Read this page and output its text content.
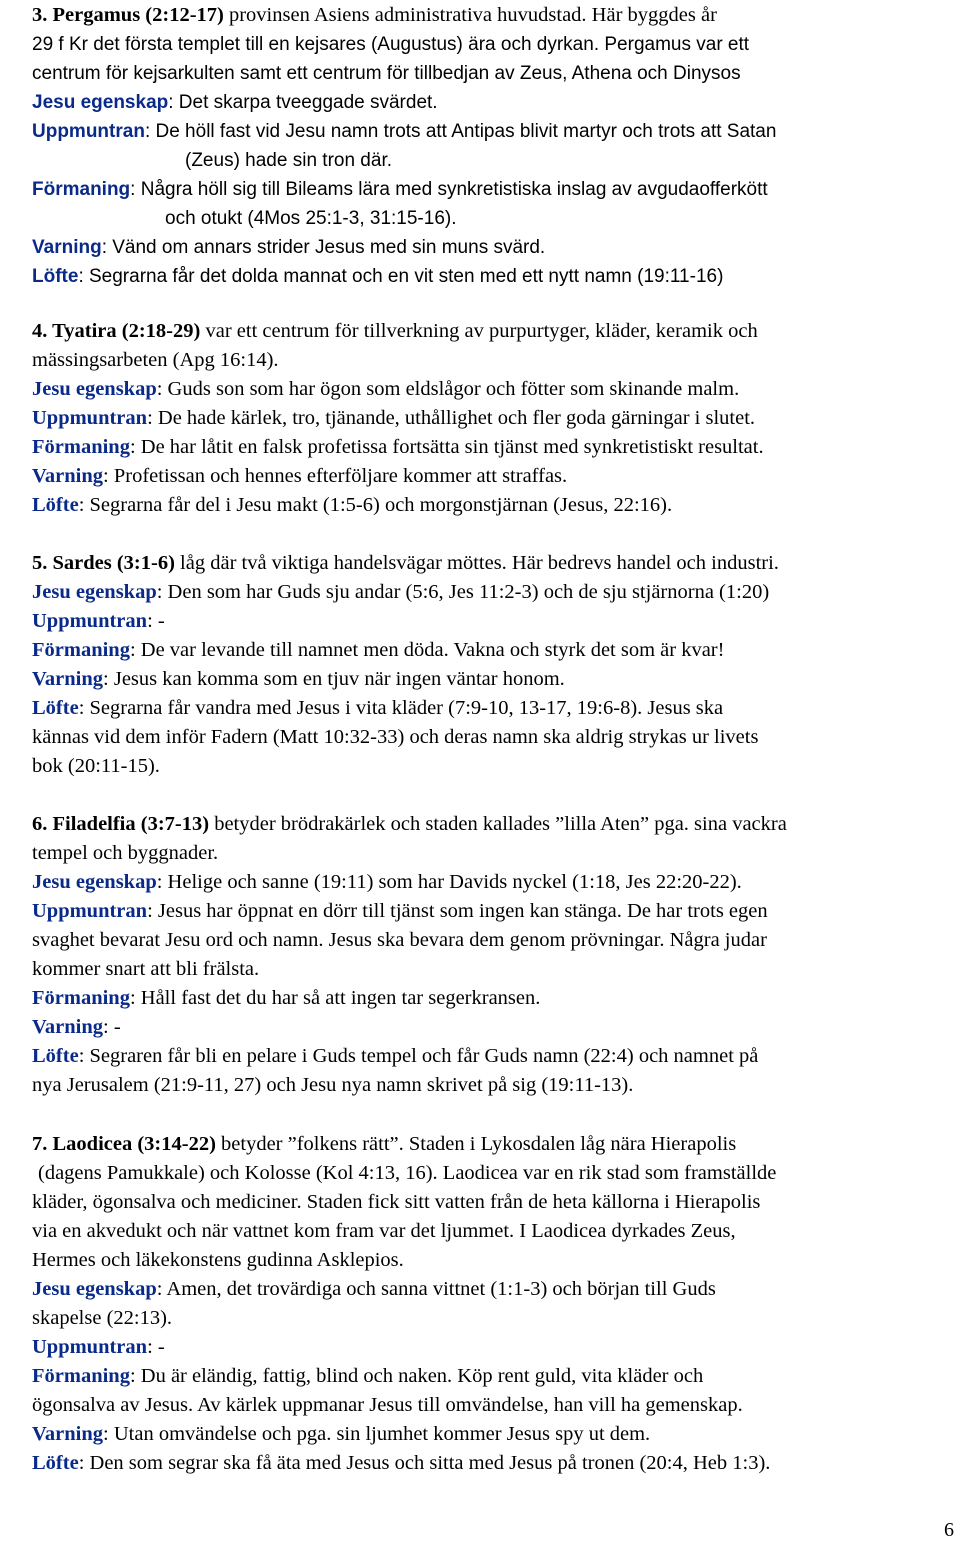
3. Pergamus (2:12-17) provinsen Asiens administrativa huvudstad. Här byggdes år
29 f Kr det första templet till en kejsares (Augustus) ära och dyrkan. Pergamus var ett
centrum för kejsarkulten samt ett centrum för tillbedjan av Zeus, Athena och Dinysos
Jesu egenskap: Det skarpa tveeggade svärdet.
Uppmuntran: De höll fast vid Jesu namn trots att Antipas blivit martyr och trots att Satan
(Zeus) hade sin tron där.
Förmaning: Några höll sig till Bileams lära med synkretistiska inslag av avgudaofferkött
och otukt (4Mos 25:1-3, 31:15-16).
Varning: Vänd om annars strider Jesus med sin muns svärd.
Löfte: Segrarna får det dolda mannat och en vit sten med ett nytt namn (19:11-16)
4. Tyatira (2:18-29) var ett centrum för tillverkning av purpurtyger, kläder, keramik och
mässingsarbeten (Apg 16:14).
Jesu egenskap: Guds son som har ögon som eldslågor och fötter som skinande malm.
Uppmuntran: De hade kärlek, tro, tjänande, uthållighet och fler goda gärningar i slutet.
Förmaning: De har låtit en falsk profetissa fortsätta sin tjänst med synkretistiskt resultat.
Varning: Profetissan och hennes efterföljare kommer att straffas.
Löfte: Segrarna får del i Jesu makt (1:5-6) och morgonstjärnan (Jesus, 22:16).
5. Sardes (3:1-6) låg där två viktiga handelsvägar möttes. Här bedrevs handel och industri.
Jesu egenskap: Den som har Guds sju andar (5:6, Jes 11:2-3) och de sju stjärnorna (1:20)
Uppmuntran: -
Förmaning: De var levande till namnet men döda. Vakna och styrk det som är kvar!
Varning: Jesus kan komma som en tjuv när ingen väntar honom.
Löfte: Segrarna får vandra med Jesus i vita kläder (7:9-10, 13-17, 19:6-8). Jesus ska
kännas vid dem inför Fadern (Matt 10:32-33) och deras namn ska aldrig strykas ur livets
bok (20:11-15).
6. Filadelfia (3:7-13) betyder brödrakärlek och staden kallades ”lilla Aten” pga. sina vackra
tempel och byggnader.
Jesu egenskap: Helige och sanne (19:11) som har Davids nyckel (1:18, Jes 22:20-22).
Uppmuntran: Jesus har öppnat en dörr till tjänst som ingen kan stänga. De har trots egen
svaghet bevarat Jesu ord och namn. Jesus ska bevara dem genom prövningar. Några judar
kommer snart att bli frälsta.
Förmaning: Håll fast det du har så att ingen tar segerkransen.
Varning: -
Löfte: Segraren får bli en pelare i Guds tempel och får Guds namn (22:4) och namnet på
nya Jerusalem (21:9-11, 27) och Jesu nya namn skrivet på sig (19:11-13).
7. Laodicea (3:14-22) betyder ”folkens rätt”. Staden i Lykosdalen låg nära Hierapolis
(dagens Pamukkale) och Kolosse (Kol 4:13, 16). Laodicea var en rik stad som framställde
kläder, ögonsalva och mediciner. Staden fick sitt vatten från de heta källorna i Hierapolis
via en akvedukt och när vattnet kom fram var det ljummet. I Laodicea dyrkades Zeus,
Hermes och läkekonstens gudinna Asklepios.
Jesu egenskap: Amen, det trovärdiga och sanna vittnet (1:1-3) och början till Guds
skapelse (22:13).
Uppmuntran: -
Förmaning: Du är eländig, fattig, blind och naken. Köp rent guld, vita kläder och
ögonsalva av Jesus. Av kärlek uppmanar Jesus till omvändelse, han vill ha gemenskap.
Varning: Utan omvändelse och pga. sin ljumhet kommer Jesus spy ut dem.
Löfte: Den som segrar ska få äta med Jesus och sitta med Jesus på tronen (20:4, Heb 1:3).
6
